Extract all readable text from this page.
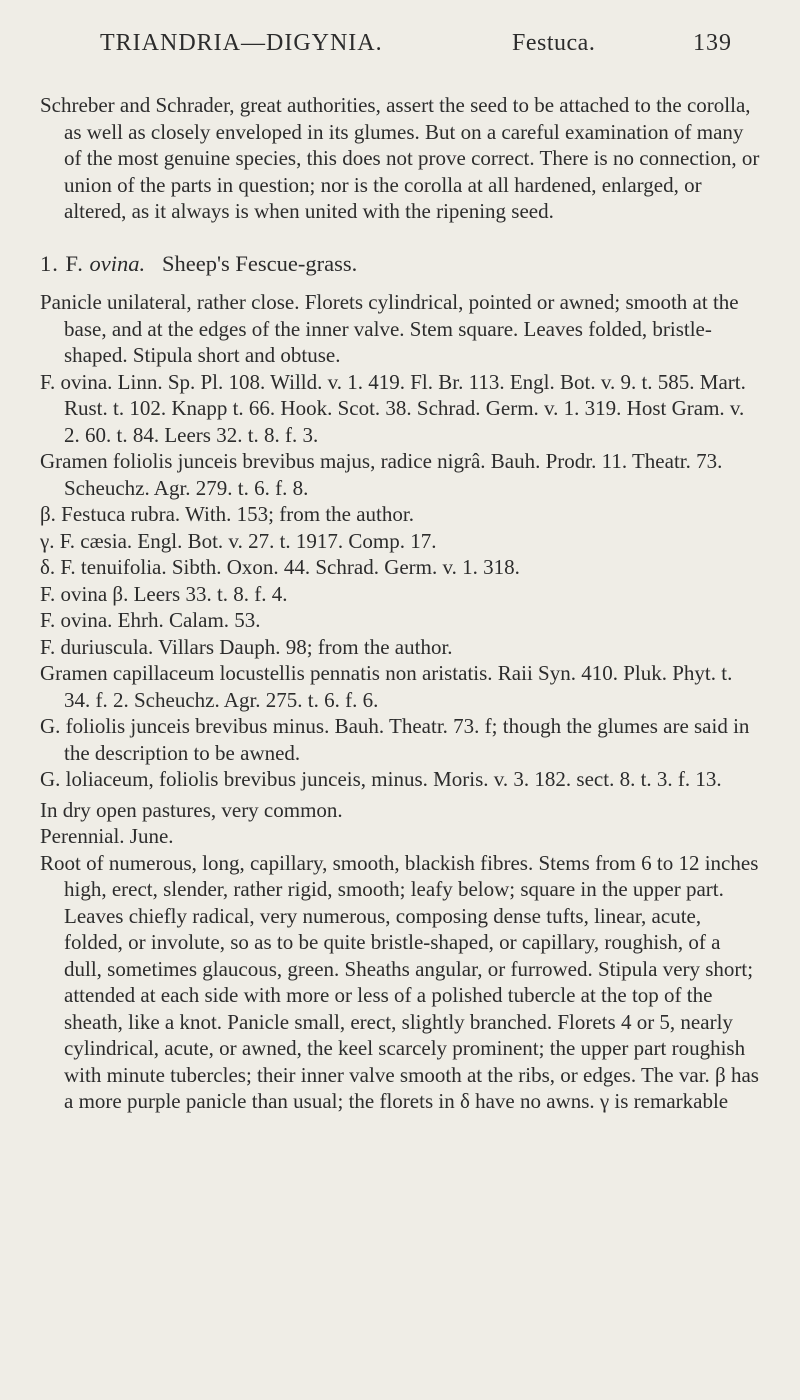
TRIANDRIA—DIGYNIA.	Festuca.	139

Schreber and Schrader, great authorities, assert the seed to be attached to the corolla, as well as closely enveloped in its glumes. But on a careful examination of many of the most genuine species, this does not prove correct. There is no connection, or union of the parts in question; nor is the corolla at all hardened, enlarged, or altered, as it always is when united with the ripening seed.

1. F. ovina. Sheep's Fescue-grass.

Panicle unilateral, rather close. Florets cylindrical, pointed or awned; smooth at the base, and at the edges of the inner valve. Stem square. Leaves folded, bristle-shaped. Stipula short and obtuse.

F. ovina. Linn. Sp. Pl. 108. Willd. v. 1. 419. Fl. Br. 113. Engl. Bot. v. 9. t. 585. Mart. Rust. t. 102. Knapp t. 66. Hook. Scot. 38. Schrad. Germ. v. 1. 319. Host Gram. v. 2. 60. t. 84. Leers 32. t. 8. f. 3.

Gramen foliolis junceis brevibus majus, radice nigrâ. Bauh. Prodr. 11. Theatr. 73. Scheuchz. Agr. 279. t. 6. f. 8.

β. Festuca rubra. With. 153; from the author.

γ. F. cæsia. Engl. Bot. v. 27. t. 1917. Comp. 17.

δ. F. tenuifolia. Sibth. Oxon. 44. Schrad. Germ. v. 1. 318.

F. ovina β. Leers 33. t. 8. f. 4.

F. ovina. Ehrh. Calam. 53.

F. duriuscula. Villars Dauph. 98; from the author.

Gramen capillaceum locustellis pennatis non aristatis. Raii Syn. 410. Pluk. Phyt. t. 34. f. 2. Scheuchz. Agr. 275. t. 6. f. 6.

G. foliolis junceis brevibus minus. Bauh. Theatr. 73. f; though the glumes are said in the description to be awned.

G. loliaceum, foliolis brevibus junceis, minus. Moris. v. 3. 182. sect. 8. t. 3. f. 13.

In dry open pastures, very common.

Perennial. June.

Root of numerous, long, capillary, smooth, blackish fibres. Stems from 6 to 12 inches high, erect, slender, rather rigid, smooth; leafy below; square in the upper part. Leaves chiefly radical, very numerous, composing dense tufts, linear, acute, folded, or involute, so as to be quite bristle-shaped, or capillary, roughish, of a dull, sometimes glaucous, green. Sheaths angular, or furrowed. Stipula very short; attended at each side with more or less of a polished tubercle at the top of the sheath, like a knot. Panicle small, erect, slightly branched. Florets 4 or 5, nearly cylindrical, acute, or awned, the keel scarcely prominent; the upper part roughish with minute tubercles; their inner valve smooth at the ribs, or edges. The var. β has a more purple panicle than usual; the florets in δ have no awns. γ is remarkable
